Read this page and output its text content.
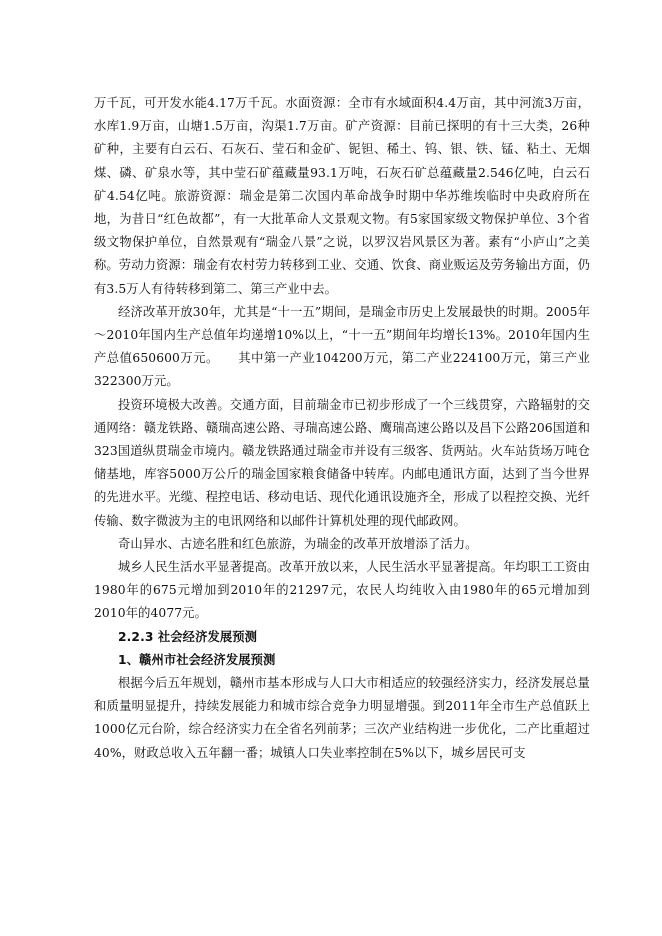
万千瓦，可开发水能4.17万千瓦。水面资源：全市有水域面积4.4万亩，其中河流3万亩，水库1.9万亩，山塘1.5万亩，沟渠1.7万亩。矿产资源：目前已探明的有十三大类，26种矿种，主要有白云石、石灰石、莹石和金矿、铌钽、稀土、钨、银、铁、锰、粘土、无烟煤、磷、矿泉水等，其中莹石矿蕴藏量93.1万吨，石灰石矿总蕴藏量2.546亿吨，白云石矿4.54亿吨。旅游资源：瑞金是第二次国内革命战争时期中华苏维埃临时中央政府所在地，为昔日“红色故都”，有一大批革命人文景观文物。有5家国家级文物保护单位、3个省级文物保护单位，自然景观有“瑞金八景”之说，以罗汉岩风景区为著。素有“小庐山”之美称。劳动力资源：瑞金有农村劳力转移到工业、交通、饮食、商业贩运及劳务输出方面，仍有3.5万人有待转移到第二、第三产业中去。

经济改革开放30年，尤其是“十一五”期间，是瑞金市历史上发展最快的时期。2005年～2010年国内生产总值年均递增10%以上，“十一五”期间年均增长13%。2010年国内生产总值650600万元。　　其中第一产业104200万元，第二产业224100万元，第三产业322300万元。

投资环境极大改善。交通方面，目前瑞金市已初步形成了一个三线贯穿，六路辐射的交通网络：赣龙铁路、赣瑞高速公路、寻瑞高速公路、鹰瑞高速公路以及昌下公路206国道和323国道纵贯瑞金市境内。赣龙铁路通过瑞金市并设有三级客、货两站。火车站货场万吨仓储基地，库容5000万公斤的瑞金国家粮食储备中转库。内邮电通讯方面，达到了当今世界的先进水平。光缆、程控电话、移动电话、现代化通讯设施齐全，形成了以程控交换、光纤传输、数字微波为主的电讯网络和以邮件计算机处理的现代邮政网。

奇山异水、古迹名胜和红色旅游，为瑞金的改革开放增添了活力。

城乡人民生活水平显著提高。改革开放以来，人民生活水平显著提高。年均职工工资由1980年的675元增加到2010年的21297元，农民人均纯收入由1980年的65元增加到2010年的4077元。

2.2.3 社会经济发展预测

1、赣州市社会经济发展预测

根据今后五年规划，赣州市基本形成与人口大市相适应的较强经济实力，经济发展总量和质量明显提升，持续发展能力和城市综合竞争力明显增强。到2011年全市生产总值跃上1000亿元台阶，综合经济实力在全省名列前茅；三次产业结构进一步优化，二产比重超过40%，财政总收入五年翻一番；城镇人口失业率控制在5%以下，城乡居民可支
